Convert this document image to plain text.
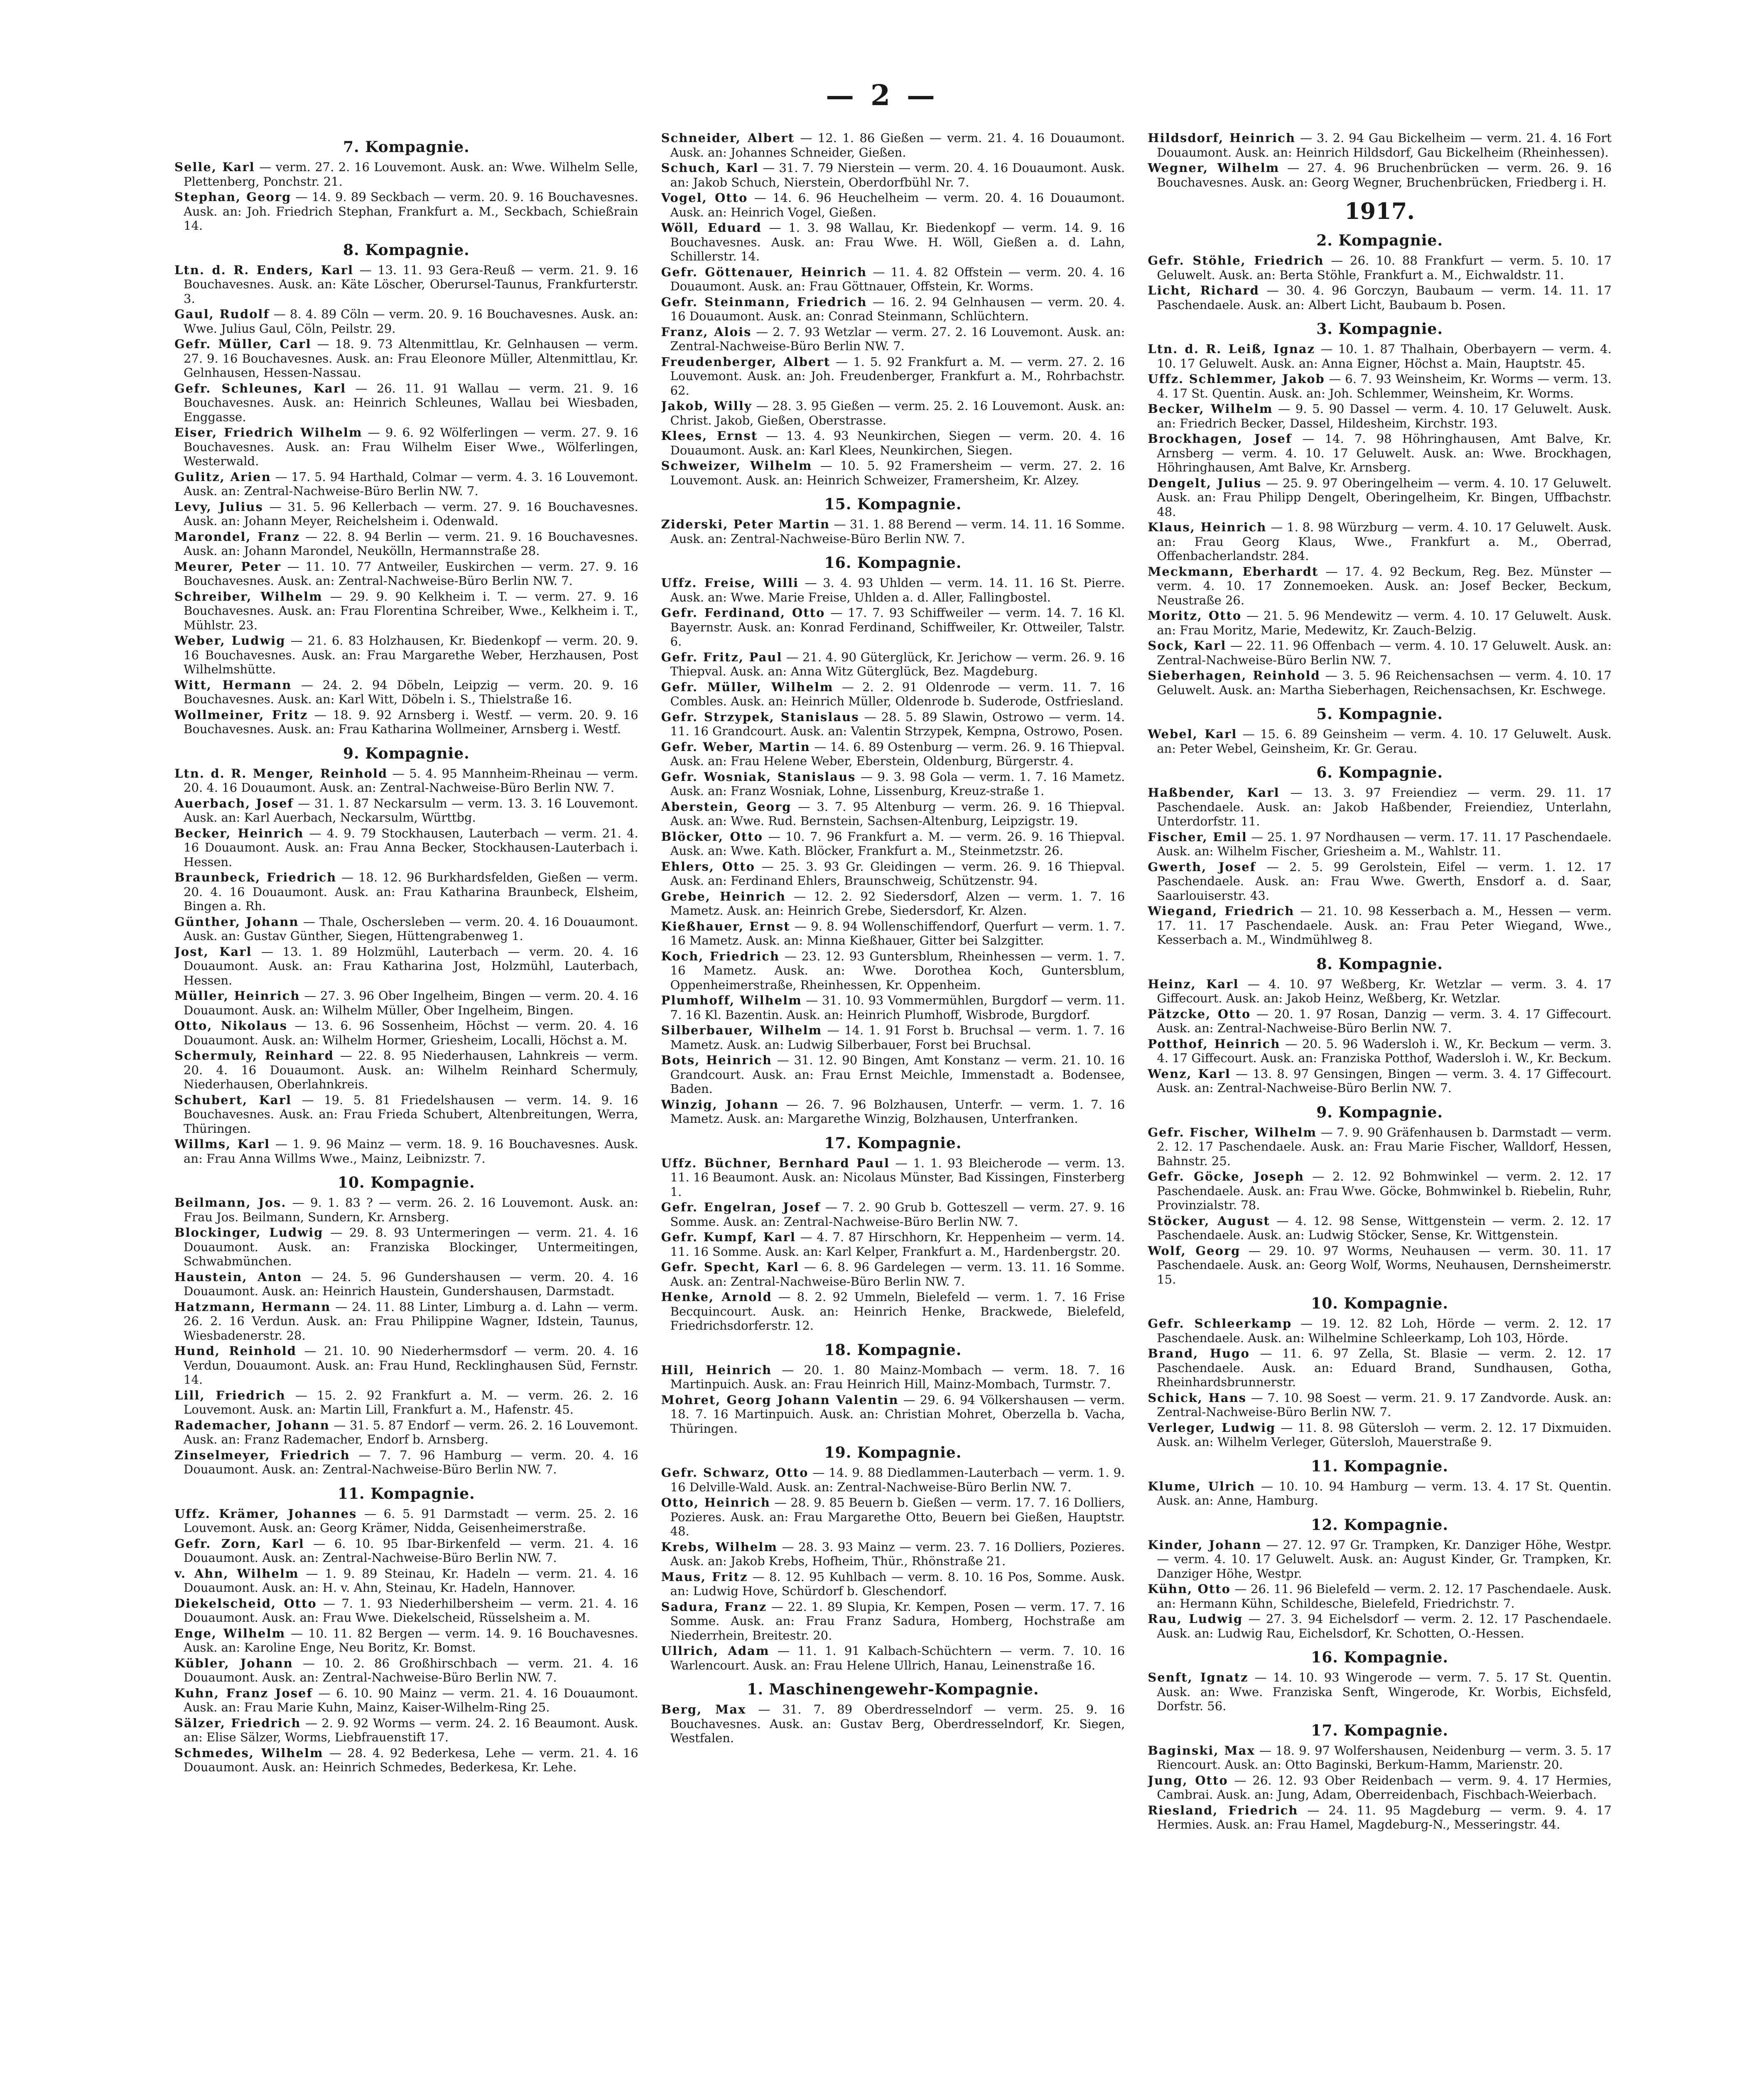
— 2 —
7. Kompagnie.

Selle, Karl — verm. 27. 2. 16 Louvemont. Ausk. an: Wwe. Wilhelm Selle, Plettenberg, Ponchstr. 21.

Stephan, Georg — 14. 9. 89 Seckbach — verm. 20. 9. 16 Bouchavesnes. Ausk. an: Joh. Friedrich Stephan, Frankfurt a. M., Seckbach, Schießrain 14.

8. Kompagnie.

Ltn. d. R. Enders, Karl — 13. 11. 93 Gera-Reuß — verm. 21. 9. 16 Bouchavesnes. Ausk. an: Käte Löscher, Oberursel-Taunus, Frankfurterstr. 3.

Gaul, Rudolf — 8. 4. 89 Cöln — verm. 20. 9. 16 Bouchavesnes. Ausk. an: Wwe. Julius Gaul, Cöln, Peilstr. 29.

Gefr. Müller, Carl — 18. 9. 73 Altenmittlau, Kr. Gelnhausen — verm. 27. 9. 16 Bouchavesnes. Ausk. an: Frau Eleonore Müller, Altenmittlau, Kr. Gelnhausen, Hessen-Nassau.

Gefr. Schleunes, Karl — 26. 11. 91 Wallau — verm. 21. 9. 16 Bouchavesnes. Ausk. an: Heinrich Schleunes, Wallau bei Wiesbaden, Enggasse.

Eiser, Friedrich Wilhelm — 9. 6. 92 Wölferlingen — verm. 27. 9. 16 Bouchavesnes. Ausk. an: Frau Wilhelm Eiser Wwe., Wölferlingen, Westerwald.

Gulitz, Arien — 17. 5. 94 Harthald, Colmar — verm. 4. 3. 16 Louvemont. Ausk. an: Zentral-Nachweise-Büro Berlin NW. 7.

Levy, Julius — 31. 5. 96 Kellerbach — verm. 27. 9. 16 Bouchavesnes. Ausk. an: Johann Meyer, Reichelsheim i. Odenwald.

Marondel, Franz — 22. 8. 94 Berlin — verm. 21. 9. 16 Bouchavesnes. Ausk. an: Johann Marondel, Neukölln, Hermannstraße 28.

Meurer, Peter — 11. 10. 77 Antweiler, Euskirchen — verm. 27. 9. 16 Bouchavesnes. Ausk. an: Zentral-Nachweise-Büro Berlin NW. 7.

Schreiber, Wilhelm — 29. 9. 90 Kelkheim i. T. — verm. 27. 9. 16 Bouchavesnes. Ausk. an: Frau Florentina Schreiber, Wwe., Kelkheim i. T., Mühlstr. 23.

Weber, Ludwig — 21. 6. 83 Holzhausen, Kr. Biedenkopf — verm. 20. 9. 16 Bouchavesnes. Ausk. an: Frau Margarethe Weber, Herzhausen, Post Wilhelmshütte.

Witt, Hermann — 24. 2. 94 Döbeln, Leipzig — verm. 20. 9. 16 Bouchavesnes. Ausk. an: Karl Witt, Döbeln i. S., Thielstraße 16.

Wollmeiner, Fritz — 18. 9. 92 Arnsberg i. Westf. — verm. 20. 9. 16 Bouchavesnes. Ausk. an: Frau Katharina Wollmeiner, Arnsberg i. Westf.

9. Kompagnie.

Ltn. d. R. Menger, Reinhold — 5. 4. 95 Mannheim-Rheinau — verm. 20. 4. 16 Douaumont. Ausk. an: Zentral-Nachweise-Büro Berlin NW. 7.

Auerbach, Josef — 31. 1. 87 Neckarsulm — verm. 13. 3. 16 Louvemont. Ausk. an: Karl Auerbach, Neckarsulm, Württbg.

Becker, Heinrich — 4. 9. 79 Stockhausen, Lauterbach — verm. 21. 4. 16 Douaumont. Ausk. an: Frau Anna Becker, Stockhausen-Lauterbach i. Hessen.

Braunbeck, Friedrich — 18. 12. 96 Burkhardsfelden, Gießen — verm. 20. 4. 16 Douaumont. Ausk. an: Frau Katharina Braunbeck, Elsheim, Bingen a. Rh.

Günther, Johann — Thale, Oschersleben — verm. 20. 4. 16 Douaumont. Ausk. an: Gustav Günther, Siegen, Hüttengrabenweg 1.

Jost, Karl — 13. 1. 89 Holzmühl, Lauterbach — verm. 20. 4. 16 Douaumont. Ausk. an: Frau Katharina Jost, Holzmühl, Lauterbach, Hessen.

Müller, Heinrich — 27. 3. 96 Ober Ingelheim, Bingen — verm. 20. 4. 16 Douaumont. Ausk. an: Wilhelm Müller, Ober Ingelheim, Bingen.

Otto, Nikolaus — 13. 6. 96 Sossenheim, Höchst — verm. 20. 4. 16 Douaumont. Ausk. an: Wilhelm Hormer, Griesheim, Localli, Höchst a. M.

Schermuly, Reinhard — 22. 8. 95 Niederhausen, Lahnkreis — verm. 20. 4. 16 Douaumont. Ausk. an: Wilhelm Reinhard Schermuly, Niederhausen, Oberlahnkreis.

Schubert, Karl — 19. 5. 81 Friedelshausen — verm. 14. 9. 16 Bouchavesnes. Ausk. an: Frau Frieda Schubert, Altenbreitungen, Werra, Thüringen.

Willms, Karl — 1. 9. 96 Mainz — verm. 18. 9. 16 Bouchavesnes. Ausk. an: Frau Anna Willms Wwe., Mainz, Leibnizstr. 7.

10. Kompagnie.

Beilmann, Jos. — 9. 1. 83 ? — verm. 26. 2. 16 Louvemont. Ausk. an: Frau Jos. Beilmann, Sundern, Kr. Arnsberg.

Blockinger, Ludwig — 29. 8. 93 Untermeringen — verm. 21. 4. 16 Douaumont. Ausk. an: Franziska Blockinger, Untermeitingen, Schwabmünchen.

Haustein, Anton — 24. 5. 96 Gundershausen — verm. 20. 4. 16 Douaumont. Ausk. an: Heinrich Haustein, Gundershausen, Darmstadt.

Hatzmann, Hermann — 24. 11. 88 Linter, Limburg a. d. Lahn — verm. 26. 2. 16 Verdun. Ausk. an: Frau Philippine Wagner, Idstein, Taunus, Wiesbadenerstr. 28.

Hund, Reinhold — 21. 10. 90 Niederhermsdorf — verm. 20. 4. 16 Verdun, Douaumont. Ausk. an: Frau Hund, Recklinghausen Süd, Fernstr. 14.

Lill, Friedrich — 15. 2. 92 Frankfurt a. M. — verm. 26. 2. 16 Louvemont. Ausk. an: Martin Lill, Frankfurt a. M., Hafenstr. 45.

Rademacher, Johann — 31. 5. 87 Endorf — verm. 26. 2. 16 Louvemont. Ausk. an: Franz Rademacher, Endorf b. Arnsberg.

Zinselmeyer, Friedrich — 7. 7. 96 Hamburg — verm. 20. 4. 16 Douaumont. Ausk. an: Zentral-Nachweise-Büro Berlin NW. 7.

11. Kompagnie.

Uffz. Krämer, Johannes — 6. 5. 91 Darmstadt — verm. 25. 2. 16 Louvemont. Ausk. an: Georg Krämer, Nidda, Geisenheimerstraße.

Gefr. Zorn, Karl — 6. 10. 95 Ibar-Birkenfeld — verm. 21. 4. 16 Douaumont. Ausk. an: Zentral-Nachweise-Büro Berlin NW. 7.

v. Ahn, Wilhelm — 1. 9. 89 Steinau, Kr. Hadeln — verm. 21. 4. 16 Douaumont. Ausk. an: H. v. Ahn, Steinau, Kr. Hadeln, Hannover.

Diekelscheid, Otto — 7. 1. 93 Niederhilbersheim — verm. 21. 4. 16 Douaumont. Ausk. an: Frau Wwe. Diekelscheid, Rüsselsheim a. M.

Enge, Wilhelm — 10. 11. 82 Bergen — verm. 14. 9. 16 Bouchavesnes. Ausk. an: Karoline Enge, Neu Boritz, Kr. Bomst.

Kübler, Johann — 10. 2. 86 Großhirschbach — verm. 21. 4. 16 Douaumont. Ausk. an: Zentral-Nachweise-Büro Berlin NW. 7.

Kuhn, Franz Josef — 6. 10. 90 Mainz — verm. 21. 4. 16 Douaumont. Ausk. an: Frau Marie Kuhn, Mainz, Kaiser-Wilhelm-Ring 25.

Sälzer, Friedrich — 2. 9. 92 Worms — verm. 24. 2. 16 Beaumont. Ausk. an: Elise Sälzer, Worms, Liebfrauenstift 17.

Schmedes, Wilhelm — 28. 4. 92 Bederkesa, Lehe — verm. 21. 4. 16 Douaumont. Ausk. an: Heinrich Schmedes, Bederkesa, Kr. Lehe.

Schneider, Albert — 12. 1. 86 Gießen — verm. 21. 4. 16 Douaumont. Ausk. an: Johannes Schneider, Gießen.

Schuch, Karl — 31. 7. 79 Nierstein — verm. 20. 4. 16 Douaumont. Ausk. an: Jakob Schuch, Nierstein, Oberdorfbühl Nr. 7.

Vogel, Otto — 14. 6. 96 Heuchelheim — verm. 20. 4. 16 Douaumont. Ausk. an: Heinrich Vogel, Gießen.

Wöll, Eduard — 1. 3. 98 Wallau, Kr. Biedenkopf — verm. 14. 9. 16 Bouchavesnes. Ausk. an: Frau Wwe. H. Wöll, Gießen a. d. Lahn, Schillerstr. 14.

Gefr. Göttenauer, Heinrich — 11. 4. 82 Offstein — verm. 20. 4. 16 Douaumont. Ausk. an: Frau Göttnauer, Offstein, Kr. Worms.

Gefr. Steinmann, Friedrich — 16. 2. 94 Gelnhausen — verm. 20. 4. 16 Douaumont. Ausk. an: Conrad Steinmann, Schlüchtern.

Franz, Alois — 2. 7. 93 Wetzlar — verm. 27. 2. 16 Louvemont. Ausk. an: Zentral-Nachweise-Büro Berlin NW. 7.

Freudenberger, Albert — 1. 5. 92 Frankfurt a. M. — verm. 27. 2. 16 Louvemont. Ausk. an: Joh. Freudenberger, Frankfurt a. M., Rohrbachstr. 62.

Jakob, Willy — 28. 3. 95 Gießen — verm. 25. 2. 16 Louvemont. Ausk. an: Christ. Jakob, Gießen, Oberstrasse.

Klees, Ernst — 13. 4. 93 Neunkirchen, Siegen — verm. 20. 4. 16 Douaumont. Ausk. an: Karl Klees, Neunkirchen, Siegen.

Schweizer, Wilhelm — 10. 5. 92 Framersheim — verm. 27. 2. 16 Louvemont. Ausk. an: Heinrich Schweizer, Framersheim, Kr. Alzey.

15. Kompagnie.

Ziderski, Peter Martin — 31. 1. 88 Berend — verm. 14. 11. 16 Somme. Ausk. an: Zentral-Nachweise-Büro Berlin NW. 7.

16. Kompagnie.

Uffz. Freise, Willi — 3. 4. 93 Uhlden — verm. 14. 11. 16 St. Pierre. Ausk. an: Wwe. Marie Freise, Uhlden a. d. Aller, Fallingbostel.

Gefr. Ferdinand, Otto — 17. 7. 93 Schiffweiler — verm. 14. 7. 16 Kl. Bayernstr. Ausk. an: Konrad Ferdinand, Schiffweiler, Kr. Ottweiler, Talstr. 6.

Gefr. Fritz, Paul — 21. 4. 90 Güterglück, Kr. Jerichow — verm. 26. 9. 16 Thiepval. Ausk. an: Anna Witz Güterglück, Bez. Magdeburg.

Gefr. Müller, Wilhelm — 2. 2. 91 Oldenrode — verm. 11. 7. 16 Combles. Ausk. an: Heinrich Müller, Oldenrode b. Suderode, Ostfriesland.

Gefr. Strzypek, Stanislaus — 28. 5. 89 Slawin, Ostrowo — verm. 14. 11. 16 Grandcourt. Ausk. an: Valentin Strzypek, Kempna, Ostrowo, Posen.

Gefr. Weber, Martin — 14. 6. 89 Ostenburg — verm. 26. 9. 16 Thiepval. Ausk. an: Frau Helene Weber, Eberstein, Oldenburg, Bürgerstr. 4.

Gefr. Wosniak, Stanislaus — 9. 3. 98 Gola — verm. 1. 7. 16 Mametz. Ausk. an: Franz Wosniak, Lohne, Lissenburg, Kreuz-straße 1.

Aberstein, Georg — 3. 7. 95 Altenburg — verm. 26. 9. 16 Thiepval. Ausk. an: Wwe. Rud. Bernstein, Sachsen-Altenburg, Leipzigstr. 19.

Blöcker, Otto — 10. 7. 96 Frankfurt a. M. — verm. 26. 9. 16 Thiepval. Ausk. an: Wwe. Kath. Blöcker, Frankfurt a. M., Steinmetzstr. 26.

Ehlers, Otto — 25. 3. 93 Gr. Gleidingen — verm. 26. 9. 16 Thiepval. Ausk. an: Ferdinand Ehlers, Braunschweig, Schützenstr. 94.

Grebe, Heinrich — 12. 2. 92 Siedersdorf, Alzen — verm. 1. 7. 16 Mametz. Ausk. an: Heinrich Grebe, Siedersdorf, Kr. Alzen.

Kießhauer, Ernst — 9. 8. 94 Wollenschiffendorf, Querfurt — verm. 1. 7. 16 Mametz. Ausk. an: Minna Kießhauer, Gitter bei Salzgitter.

Koch, Friedrich — 23. 12. 93 Guntersblum, Rheinhessen — verm. 1. 7. 16 Mametz. Ausk. an: Wwe. Dorothea Koch, Guntersblum, Oppenheimerstraße, Rheinhessen, Kr. Oppenheim.

Plumhoff, Wilhelm — 31. 10. 93 Vommermühlen, Burgdorf — verm. 11. 7. 16 Kl. Bazentin. Ausk. an: Heinrich Plumhoff, Wisbrode, Burgdorf.

Silberbauer, Wilhelm — 14. 1. 91 Forst b. Bruchsal — verm. 1. 7. 16 Mametz. Ausk. an: Ludwig Silberbauer, Forst bei Bruchsal.

Bots, Heinrich — 31. 12. 90 Bingen, Amt Konstanz — verm. 21. 10. 16 Grandcourt. Ausk. an: Frau Ernst Meichle, Immenstadt a. Bodensee, Baden.

Winzig, Johann — 26. 7. 96 Bolzhausen, Unterfr. — verm. 1. 7. 16 Mametz. Ausk. an: Margarethe Winzig, Bolzhausen, Unterfranken.

17. Kompagnie.

Uffz. Büchner, Bernhard Paul — 1. 1. 93 Bleicherode — verm. 13. 11. 16 Beaumont. Ausk. an: Nicolaus Münster, Bad Kissingen, Finsterberg 1.

Gefr. Engelran, Josef — 7. 2. 90 Grub b. Gotteszell — verm. 27. 9. 16 Somme. Ausk. an: Zentral-Nachweise-Büro Berlin NW. 7.

Gefr. Kumpf, Karl — 4. 7. 87 Hirschhorn, Kr. Heppenheim — verm. 14. 11. 16 Somme. Ausk. an: Karl Kelper, Frankfurt a. M., Hardenbergstr. 20.

Gefr. Specht, Karl — 6. 8. 96 Gardelegen — verm. 13. 11. 16 Somme. Ausk. an: Zentral-Nachweise-Büro Berlin NW. 7.

Henke, Arnold — 8. 2. 92 Ummeln, Bielefeld — verm. 1. 7. 16 Frise Becquincourt. Ausk. an: Heinrich Henke, Brackwede, Bielefeld, Friedrichsdorferstr. 12.

18. Kompagnie.

Hill, Heinrich — 20. 1. 80 Mainz-Mombach — verm. 18. 7. 16 Martinpuich. Ausk. an: Frau Heinrich Hill, Mainz-Mombach, Turmstr. 7.

Mohret, Georg Johann Valentin — 29. 6. 94 Völkershausen — verm. 18. 7. 16 Martinpuich. Ausk. an: Christian Mohret, Oberzella b. Vacha, Thüringen.

19. Kompagnie.

Gefr. Schwarz, Otto — 14. 9. 88 Diedlammen-Lauterbach — verm. 1. 9. 16 Delville-Wald. Ausk. an: Zentral-Nachweise-Büro Berlin NW. 7.

Otto, Heinrich — 28. 9. 85 Beuern b. Gießen — verm. 17. 7. 16 Dolliers, Pozieres. Ausk. an: Frau Margarethe Otto, Beuern bei Gießen, Hauptstr. 48.

Krebs, Wilhelm — 28. 3. 93 Mainz — verm. 23. 7. 16 Dolliers, Pozieres. Ausk. an: Jakob Krebs, Hofheim, Thür., Rhönstraße 21.

Maus, Fritz — 8. 12. 95 Kuhlbach — verm. 8. 10. 16 Pos, Somme. Ausk. an: Ludwig Hove, Schürdorf b. Gleschendorf.

Sadura, Franz — 22. 1. 89 Slupia, Kr. Kempen, Posen — verm. 17. 7. 16 Somme. Ausk. an: Frau Franz Sadura, Homberg, Hochstraße am Niederrhein, Breitestr. 20.

Ullrich, Adam — 11. 1. 91 Kalbach-Schüchtern — verm. 7. 10. 16 Warlencourt. Ausk. an: Frau Helene Ullrich, Hanau, Leinenstraße 16.

1. Maschinengewehr-Kompagnie.

Berg, Max — 31. 7. 89 Oberdresselndorf — verm. 25. 9. 16 Bouchavesnes. Ausk. an: Gustav Berg, Oberdresselndorf, Kr. Siegen, Westfalen.

Hildsdorf, Heinrich — 3. 2. 94 Gau Bickelheim — verm. 21. 4. 16 Fort Douaumont. Ausk. an: Heinrich Hildsdorf, Gau Bickelheim (Rheinhessen).

Wegner, Wilhelm — 27. 4. 96 Bruchenbrücken — verm. 26. 9. 16 Bouchavesnes. Ausk. an: Georg Wegner, Bruchenbrücken, Friedberg i. H.

1917.
2. Kompagnie.

Gefr. Stöhle, Friedrich — 26. 10. 88 Frankfurt — verm. 5. 10. 17 Geluwelt. Ausk. an: Berta Stöhle, Frankfurt a. M., Eichwaldstr. 11.

Licht, Richard — 30. 4. 96 Gorczyn, Baubaum — verm. 14. 11. 17 Paschendaele. Ausk. an: Albert Licht, Baubaum b. Posen.

3. Kompagnie.

Ltn. d. R. Leiß, Ignaz — 10. 1. 87 Thalhain, Oberbayern — verm. 4. 10. 17 Geluwelt. Ausk. an: Anna Eigner, Höchst a. Main, Hauptstr. 45.

Uffz. Schlemmer, Jakob — 6. 7. 93 Weinsheim, Kr. Worms — verm. 13. 4. 17 St. Quentin. Ausk. an: Joh. Schlemmer, Weinsheim, Kr. Worms.

Becker, Wilhelm — 9. 5. 90 Dassel — verm. 4. 10. 17 Geluwelt. Ausk. an: Friedrich Becker, Dassel, Hildesheim, Kirchstr. 193.

Brockhagen, Josef — 14. 7. 98 Höhringhausen, Amt Balve, Kr. Arnsberg — verm. 4. 10. 17 Geluwelt. Ausk. an: Wwe. Brockhagen, Höhringhausen, Amt Balve, Kr. Arnsberg.

Dengelt, Julius — 25. 9. 97 Oberingelheim — verm. 4. 10. 17 Geluwelt. Ausk. an: Frau Philipp Dengelt, Oberingelheim, Kr. Bingen, Uffbachstr. 48.

Klaus, Heinrich — 1. 8. 98 Würzburg — verm. 4. 10. 17 Geluwelt. Ausk. an: Frau Georg Klaus, Wwe., Frankfurt a. M., Oberrad, Offenbacherlandstr. 284.

Meckmann, Eberhardt — 17. 4. 92 Beckum, Reg. Bez. Münster — verm. 4. 10. 17 Zonnemoeken. Ausk. an: Josef Becker, Beckum, Neustraße 26.

Moritz, Otto — 21. 5. 96 Mendewitz — verm. 4. 10. 17 Geluwelt. Ausk. an: Frau Moritz, Marie, Medewitz, Kr. Zauch-Belzig.

Sock, Karl — 22. 11. 96 Offenbach — verm. 4. 10. 17 Geluwelt. Ausk. an: Zentral-Nachweise-Büro Berlin NW. 7.

Sieberhagen, Reinhold — 3. 5. 96 Reichensachsen — verm. 4. 10. 17 Geluwelt. Ausk. an: Martha Sieberhagen, Reichensachsen, Kr. Eschwege.

5. Kompagnie.

Webel, Karl — 15. 6. 89 Geinsheim — verm. 4. 10. 17 Geluwelt. Ausk. an: Peter Webel, Geinsheim, Kr. Gr. Gerau.

6. Kompagnie.

Haßbender, Karl — 13. 3. 97 Freiendiez — verm. 29. 11. 17 Paschendaele. Ausk. an: Jakob Haßbender, Freiendiez, Unterlahn, Unterdorfstr. 11.

Fischer, Emil — 25. 1. 97 Nordhausen — verm. 17. 11. 17 Paschendaele. Ausk. an: Wilhelm Fischer, Griesheim a. M., Wahlstr. 11.

Gwerth, Josef — 2. 5. 99 Gerolstein, Eifel — verm. 1. 12. 17 Paschendaele. Ausk. an: Frau Wwe. Gwerth, Ensdorf a. d. Saar, Saarlouiserstr. 43.

Wiegand, Friedrich — 21. 10. 98 Kesserbach a. M., Hessen — verm. 17. 11. 17 Paschendaele. Ausk. an: Frau Peter Wiegand, Wwe., Kesserbach a. M., Windmühlweg 8.

8. Kompagnie.

Heinz, Karl — 4. 10. 97 Weßberg, Kr. Wetzlar — verm. 3. 4. 17 Giffecourt. Ausk. an: Jakob Heinz, Weßberg, Kr. Wetzlar.

Pätzcke, Otto — 20. 1. 97 Rosan, Danzig — verm. 3. 4. 17 Giffecourt. Ausk. an: Zentral-Nachweise-Büro Berlin NW. 7.

Potthof, Heinrich — 20. 5. 96 Wadersloh i. W., Kr. Beckum — verm. 3. 4. 17 Giffecourt. Ausk. an: Franziska Potthof, Wadersloh i. W., Kr. Beckum.

Wenz, Karl — 13. 8. 97 Gensingen, Bingen — verm. 3. 4. 17 Giffecourt. Ausk. an: Zentral-Nachweise-Büro Berlin NW. 7.

9. Kompagnie.

Gefr. Fischer, Wilhelm — 7. 9. 90 Gräfenhausen b. Darmstadt — verm. 2. 12. 17 Paschendaele. Ausk. an: Frau Marie Fischer, Walldorf, Hessen, Bahnstr. 25.

Gefr. Göcke, Joseph — 2. 12. 92 Bohmwinkel — verm. 2. 12. 17 Paschendaele. Ausk. an: Frau Wwe. Göcke, Bohmwinkel b. Riebelin, Ruhr, Provinzialstr. 78.

Stöcker, August — 4. 12. 98 Sense, Wittgenstein — verm. 2. 12. 17 Paschendaele. Ausk. an: Ludwig Stöcker, Sense, Kr. Wittgenstein.

Wolf, Georg — 29. 10. 97 Worms, Neuhausen — verm. 30. 11. 17 Paschendaele. Ausk. an: Georg Wolf, Worms, Neuhausen, Dernsheimerstr. 15.

10. Kompagnie.

Gefr. Schleerkamp — 19. 12. 82 Loh, Hörde — verm. 2. 12. 17 Paschendaele. Ausk. an: Wilhelmine Schleerkamp, Loh 103, Hörde.

Brand, Hugo — 11. 6. 97 Zella, St. Blasie — verm. 2. 12. 17 Paschendaele. Ausk. an: Eduard Brand, Sundhausen, Gotha, Rheinhardsbrunnerstr.

Schick, Hans — 7. 10. 98 Soest — verm. 21. 9. 17 Zandvorde. Ausk. an: Zentral-Nachweise-Büro Berlin NW. 7.

Verleger, Ludwig — 11. 8. 98 Gütersloh — verm. 2. 12. 17 Dixmuiden. Ausk. an: Wilhelm Verleger, Gütersloh, Mauerstraße 9.

11. Kompagnie.

Klume, Ulrich — 10. 10. 94 Hamburg — verm. 13. 4. 17 St. Quentin. Ausk. an: Anne, Hamburg.

12. Kompagnie.

Kinder, Johann — 27. 12. 97 Gr. Trampken, Kr. Danziger Höhe, Westpr. — verm. 4. 10. 17 Geluwelt. Ausk. an: August Kinder, Gr. Trampken, Kr. Danziger Höhe, Westpr.

Kühn, Otto — 26. 11. 96 Bielefeld — verm. 2. 12. 17 Paschendaele. Ausk. an: Hermann Kühn, Schildesche, Bielefeld, Friedrichstr. 7.

Rau, Ludwig — 27. 3. 94 Eichelsdorf — verm. 2. 12. 17 Paschendaele. Ausk. an: Ludwig Rau, Eichelsdorf, Kr. Schotten, O.-Hessen.

16. Kompagnie.

Senft, Ignatz — 14. 10. 93 Wingerode — verm. 7. 5. 17 St. Quentin. Ausk. an: Wwe. Franziska Senft, Wingerode, Kr. Worbis, Eichsfeld, Dorfstr. 56.

17. Kompagnie.

Baginski, Max — 18. 9. 97 Wolfershausen, Neidenburg — verm. 3. 5. 17 Riencourt. Ausk. an: Otto Baginski, Berkum-Hamm, Marienstr. 20.

Jung, Otto — 26. 12. 93 Ober Reidenbach — verm. 9. 4. 17 Hermies, Cambrai. Ausk. an: Jung, Adam, Oberreidenbach, Fischbach-Weierbach.

Riesland, Friedrich — 24. 11. 95 Magdeburg — verm. 9. 4. 17 Hermies. Ausk. an: Frau Hamel, Magdeburg-N., Messeringstr. 44.
